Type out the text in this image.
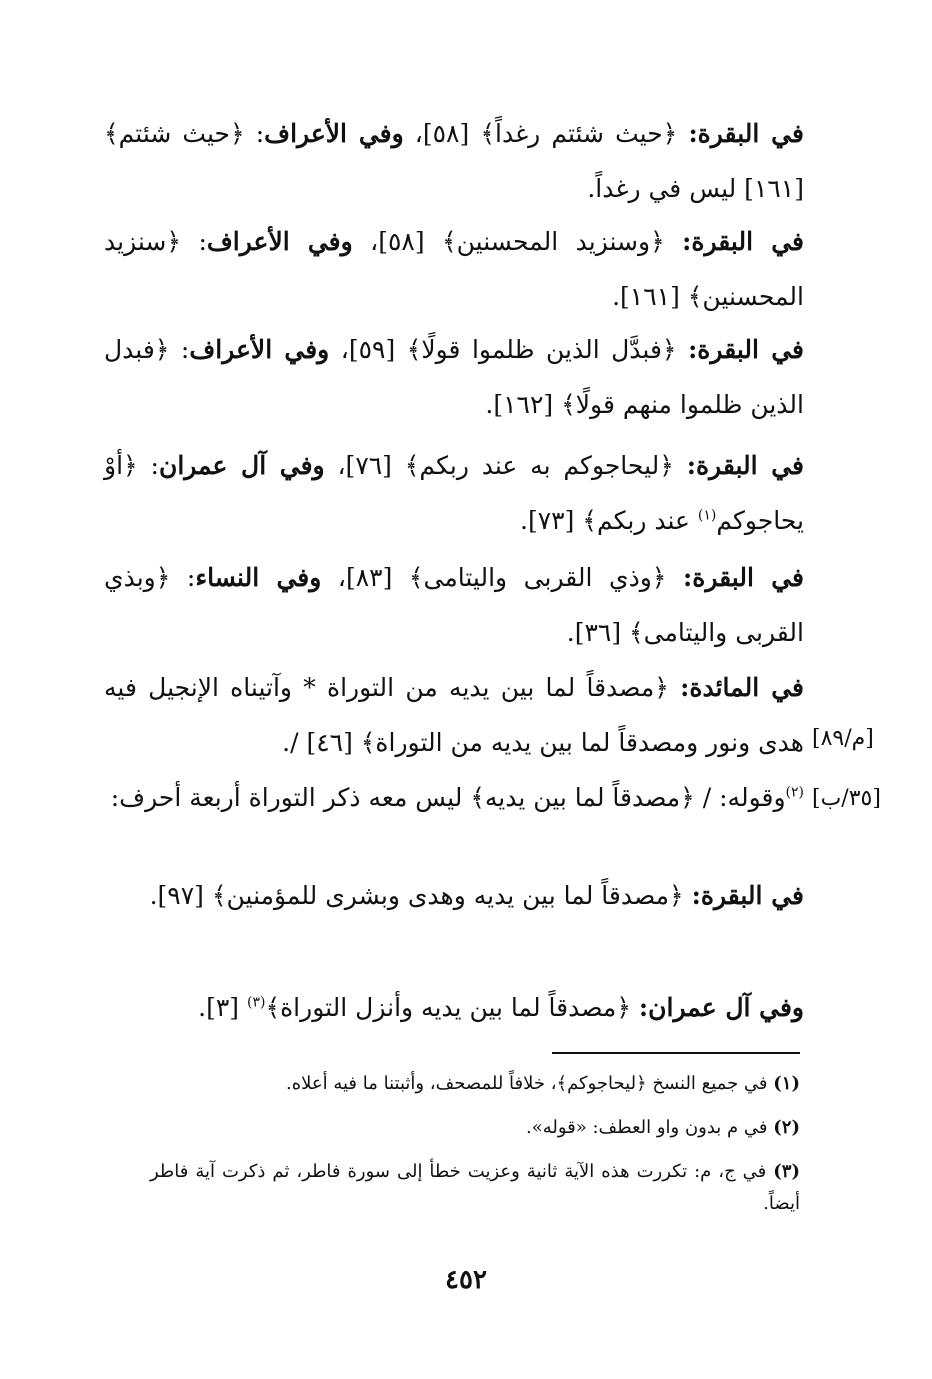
في البقرة: ﴿حيث شئتم رغداً﴾ [٥٨]، وفي الأعراف: ﴿حيث شئتم﴾ [١٦١] ليس في رغداً.

في البقرة: ﴿وسنزيد المحسنين﴾ [٥٨]، وفي الأعراف: ﴿سنزيد المحسنين﴾ [١٦١].

في البقرة: ﴿فبدَّل الذين ظلموا قولًا﴾ [٥٩]، وفي الأعراف: ﴿فبدل الذين ظلموا منهم قولًا﴾ [١٦٢].

في البقرة: ﴿ليحاجوكم به عند ربكم﴾ [٧٦]، وفي آل عمران: ﴿أوْ يحاجوكم$^{(١)}$ عند ربكم﴾ [٧٣].

في البقرة: ﴿وذي القربى واليتامى﴾ [٨٣]، وفي النساء: ﴿وبذي القربى واليتامى﴾ [٣٦].

في المائدة: ﴿مصدقاً لما بين يديه من التوراة * وآتيناه الإنجيل فيه هدى ونور ومصدقاً لما بين يديه من التوراة﴾ [٤٦] /. [م/٨٩]

$^{(٢)}$وقوله: / ﴿مصدقاً لما بين يديه﴾ ليس معه ذكر التوراة أربعة أحرف:	[٣٥/ب]

في البقرة: ﴿مصدقاً لما بين يديه وهدى وبشرى للمؤمنين﴾ [٩٧].

وفي آل عمران: ﴿مصدقاً لما بين يديه وأنزل التوراة﴾$^{(٣)}$ [٣].

(١) في جميع النسخ ﴿ليحاجوكم﴾، خلافاً للمصحف، وأثبتنا ما فيه أعلاه.

(٢) في م بدون واو العطف: «قوله».

(٣) في ج، م: تكررت هذه الآية ثانية وعزيت خطأ إلى سورة فاطر، ثم ذكرت آية فاطر أيضاً.

٤٥٢
